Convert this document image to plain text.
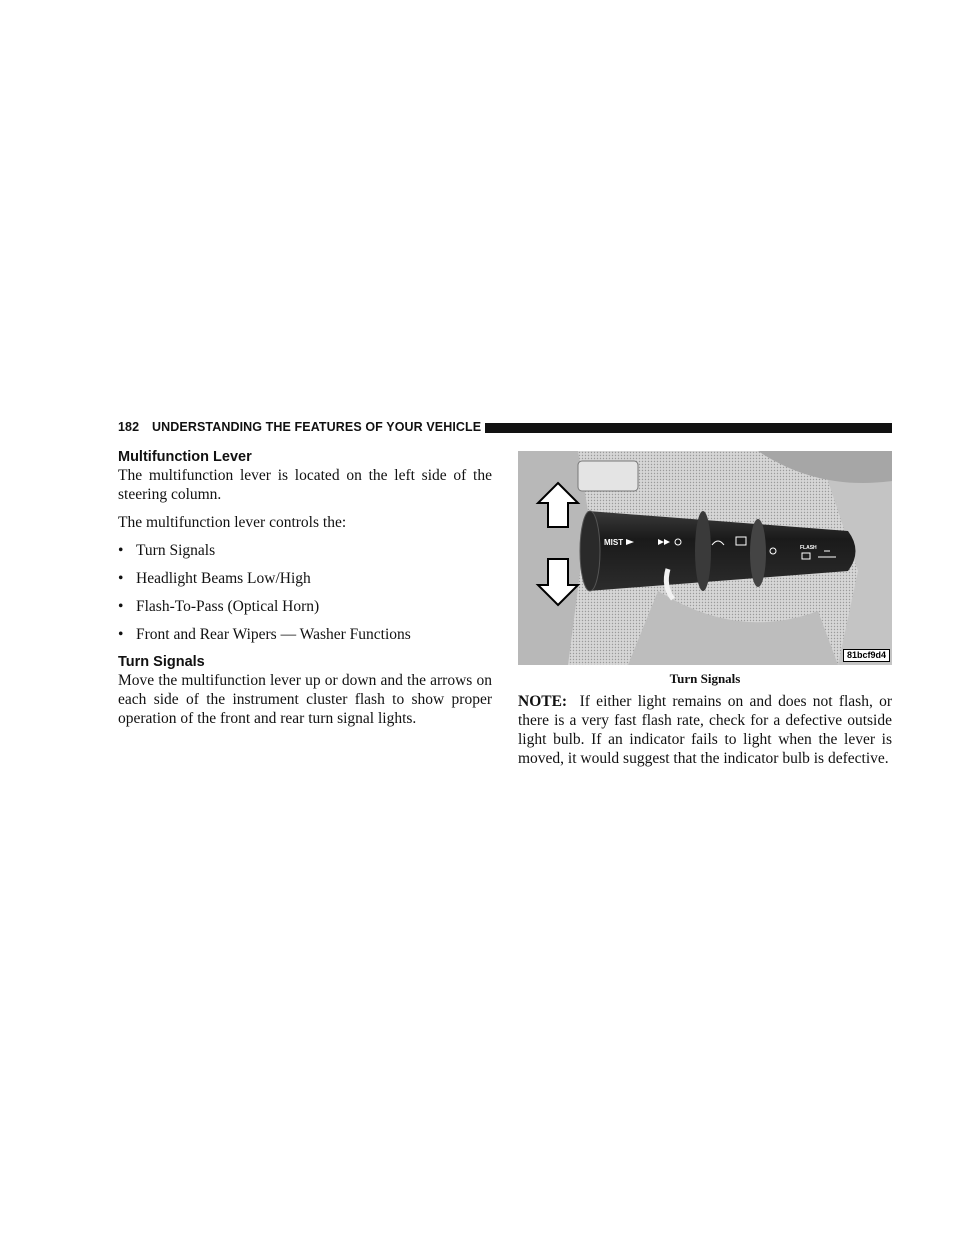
182 UNDERSTANDING THE FEATURES OF YOUR VEHICLE
Multifunction Lever

The multifunction lever is located on the left side of the steering column.

The multifunction lever controls the:

• Turn Signals
• Headlight Beams Low/High
• Flash-To-Pass (Optical Horn)
• Front and Rear Wipers — Washer Functions
Turn Signals

Move the multifunction lever up or down and the arrows on each side of the instrument cluster flash to show proper operation of the front and rear turn signal lights.

MIST
FLASH
81bcf9d4
Turn Signals

NOTE: If either light remains on and does not flash, or there is a very fast flash rate, check for a defective outside light bulb. If an indicator fails to light when the lever is moved, it would suggest that the indicator bulb is defective.
